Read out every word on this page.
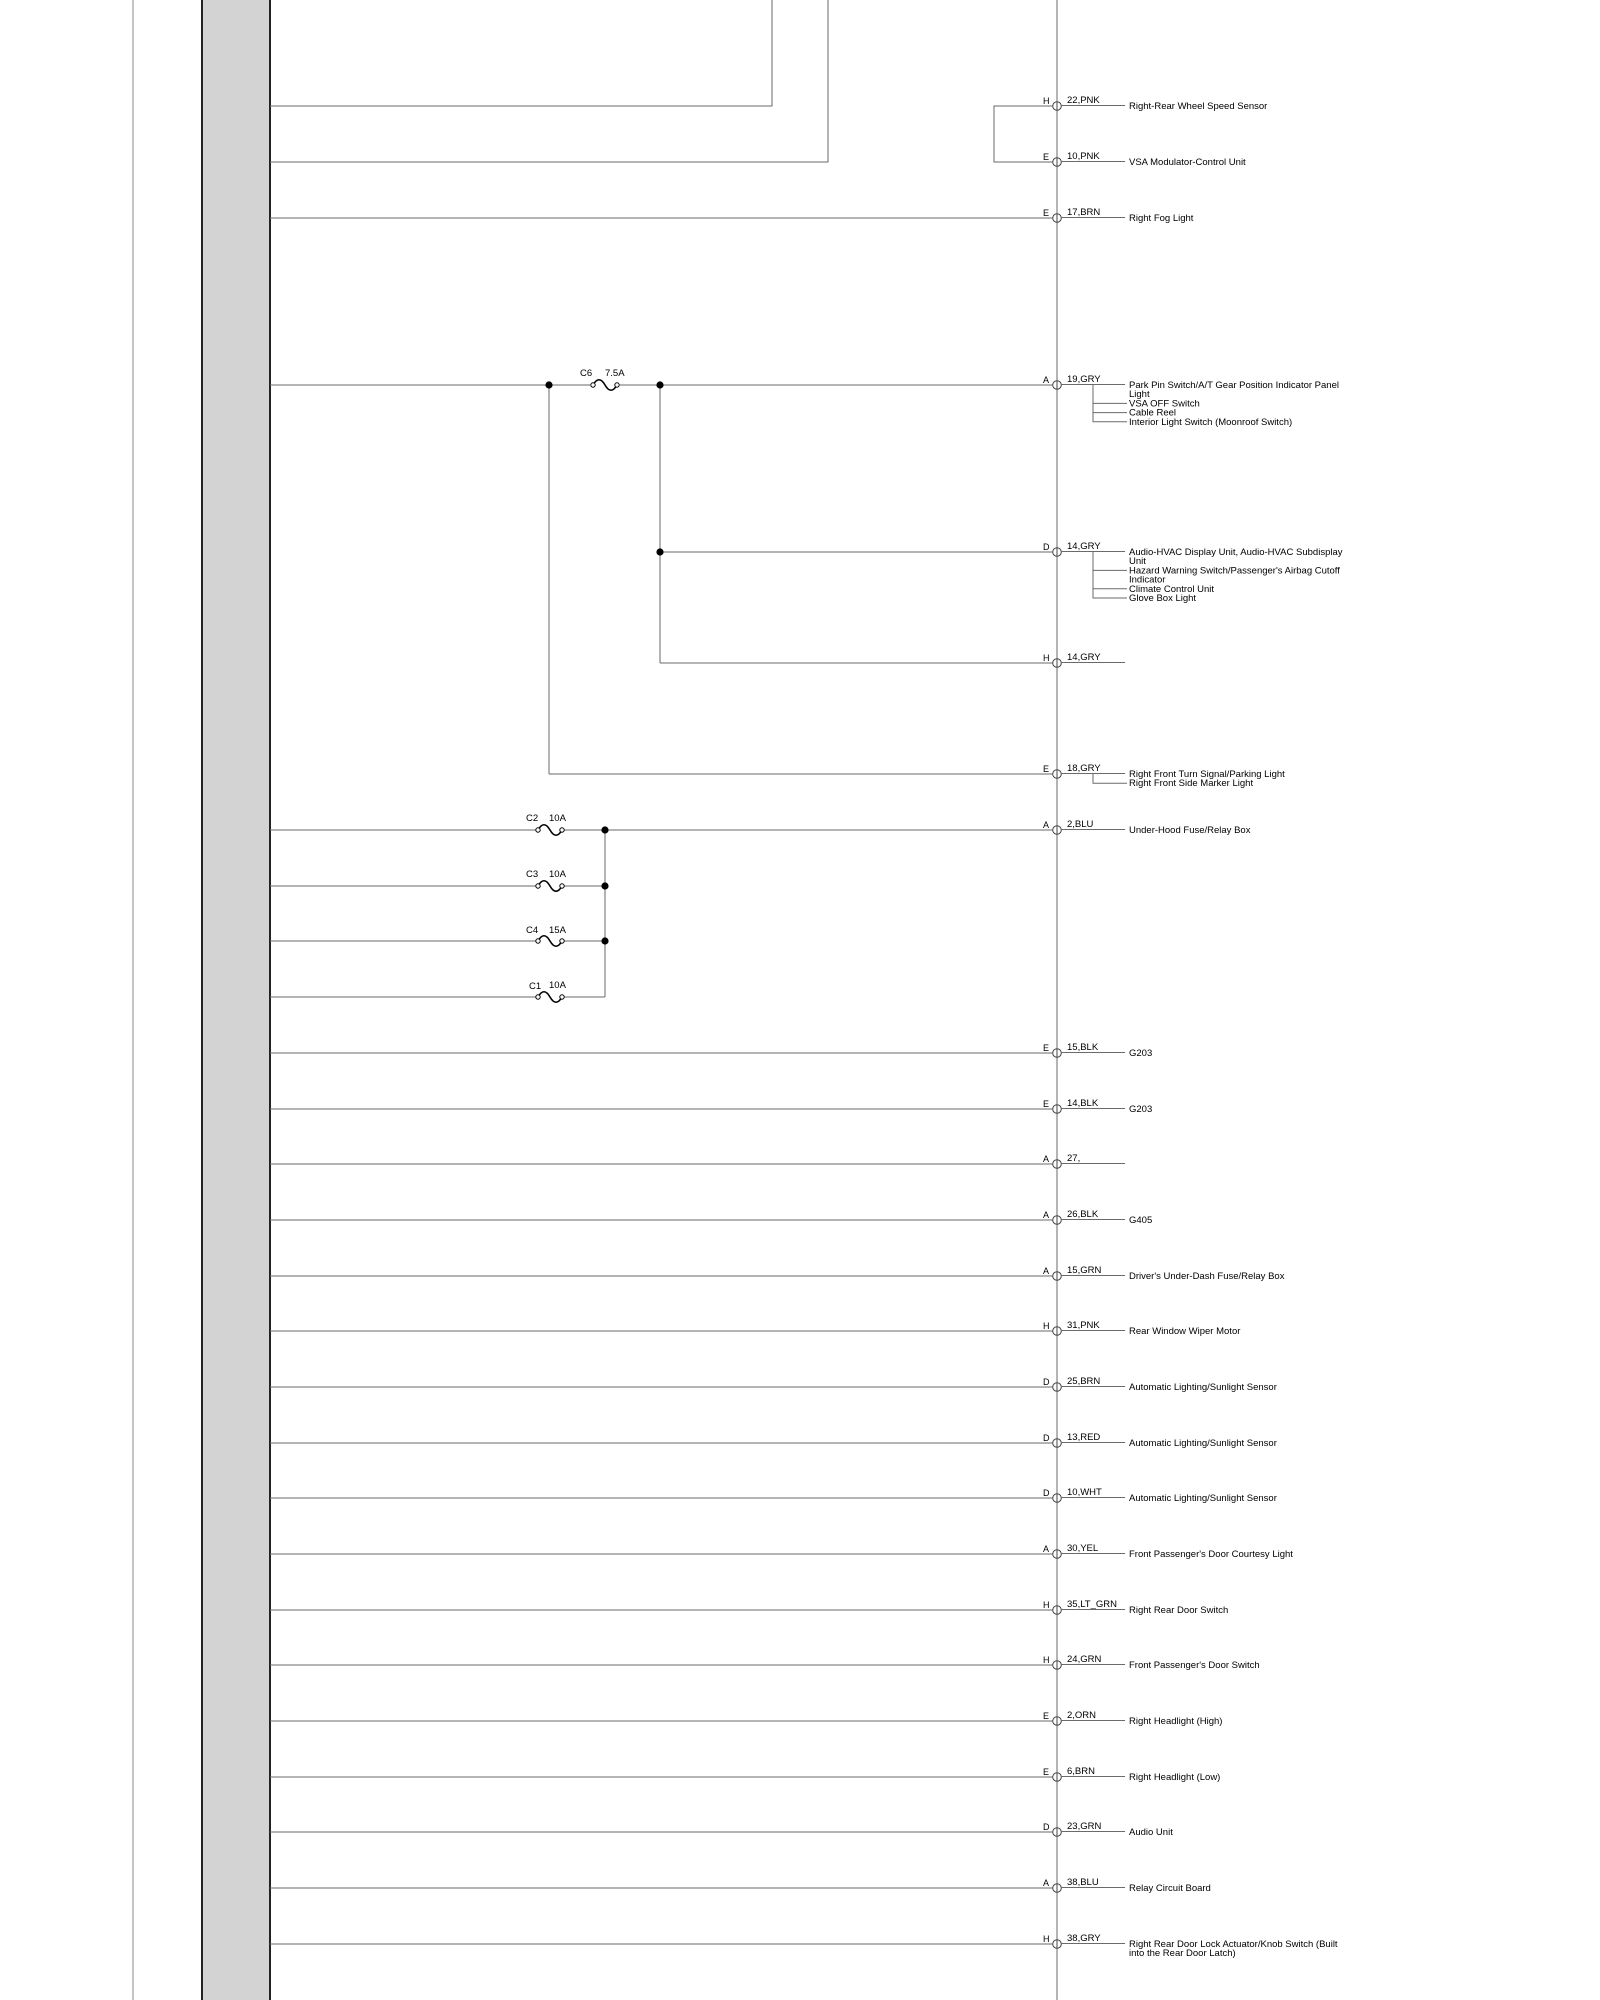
C6 7.5A
C2 10A
C3 10A
C4 15A
C1 10A
H 22,PNK
Right-Rear Wheel Speed Sensor
E 10,PNK
VSA Modulator-Control Unit
E 17,BRN
Right Fog Light
A 19,GRY
Park Pin Switch/A/T Gear Position Indicator Panel Light
VSA OFF Switch
Cable Reel
Interior Light Switch (Moonroof Switch)
D 14,GRY
Audio-HVAC Display Unit, Audio-HVAC Subdisplay Unit
Hazard Warning Switch/Passenger's Airbag Cutoff Indicator
Climate Control Unit
Glove Box Light
H 14,GRY
E 18,GRY
Right Front Turn Signal/Parking Light
Right Front Side Marker Light
A 2,BLU
Under-Hood Fuse/Relay Box
E 15,BLK
G203
E 14,BLK
G203
A 27,
A 26,BLK
G405
A 15,GRN
Driver's Under-Dash Fuse/Relay Box
H 31,PNK
Rear Window Wiper Motor
D 25,BRN
Automatic Lighting/Sunlight Sensor
D 13,RED
Automatic Lighting/Sunlight Sensor
D 10,WHT
Automatic Lighting/Sunlight Sensor
A 30,YEL
Front Passenger's Door Courtesy Light
H 35,LT_GRN
Right Rear Door Switch
H 24,GRN
Front Passenger's Door Switch
E 2,ORN
Right Headlight (High)
E 6,BRN
Right Headlight (Low)
D 23,GRN
Audio Unit
A 38,BLU
Relay Circuit Board
H 38,GRY
Right Rear Door Lock Actuator/Knob Switch (Built into the Rear Door Latch)
